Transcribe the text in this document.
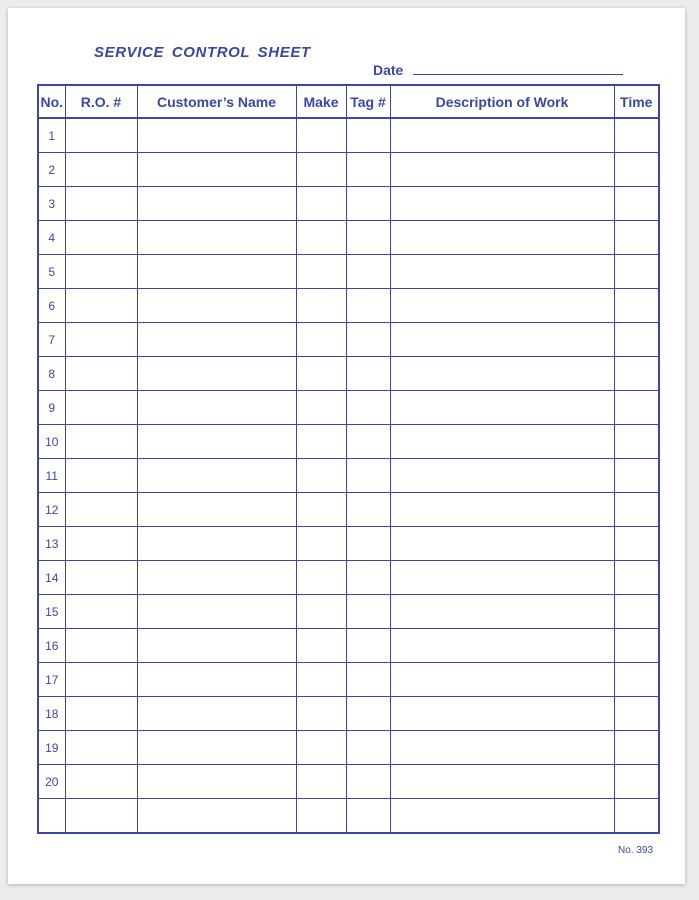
SERVICE CONTROL SHEET
Date
No.	R.O. #	Customer’s Name	Make	Tag #	Description of Work	Time
1						
2						
3						
4						
5						
6						
7						
8						
9						
10						
11						
12						
13						
14						
15						
16						
17						
18						
19						
20						

No. 393
